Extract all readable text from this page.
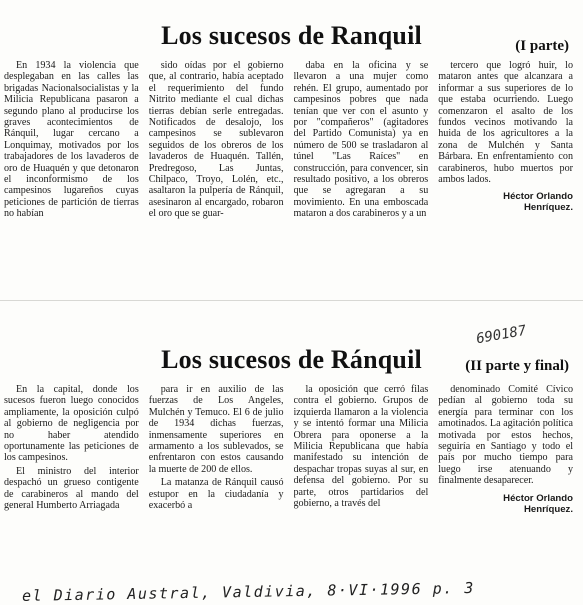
Los sucesos de Ranquil	(I parte)

En 1934 la violencia que desplegaban en las calles las brigadas Nacionalsocialistas y la Milicia Republicana pasaron a segundo plano al producirse los graves acontecimientos de Ránquil, lugar cercano a Lonquimay, motivados por los trabajadores de los lavaderos de oro de Huaquén y que detonaron el inconformismo de los campesinos lugareños cuyas peticiones de partición de tierras no habían

sido oídas por el gobierno que, al contrario, había aceptado el requerimiento del fundo Nitrito mediante el cual dichas tierras debían serle entregadas. Notificados de desalojo, los campesinos se sublevaron seguidos de los obreros de los lavaderos de Huaquén. Tallén, Predregoso, Las Juntas, Chilpaco, Troyo, Lolén, etc., asaltaron la pulpería de Ránquil, asesinaron al encargado, robaron el oro que se guar-

daba en la oficina y se llevaron a una mujer como rehén. El grupo, aumentado por campesinos pobres que nada tenían que ver con el asunto y por "compañeros" (agitadores del Partido Comunista) ya en número de 500 se trasladaron al túnel "Las Raíces" en construcción, para convencer, sin resultado positivo, a los obreros que se agregaran a su movimiento. En una emboscada mataron a dos carabineros y a un

tercero que logró huir, lo mataron antes que alcanzara a informar a sus superiores de lo que estaba ocurriendo. Luego comenzaron el asalto de los fundos vecinos motivando la huida de los agricultores a la zona de Mulchén y Santa Bárbara. En enfrentamiento con carabineros, hubo muertos por ambos lados.

Héctor Orlando
Henríquez.
Los sucesos de Ránquil	(II parte y final)

En la capital, donde los sucesos fueron luego conocidos ampliamente, la oposición culpó al gobierno de negligencia por no haber atendido oportunamente las peticiones de los campesinos.

El ministro del interior despachó un grueso contigente de carabineros al mando del general Humberto Arriagada

para ir en auxilio de las fuerzas de Los Angeles, Mulchén y Temuco. El 6 de julio de 1934 dichas fuerzas, inmensamente superiores en armamento a los sublevados, se enfrentaron con estos causando la muerte de 200 de ellos.

La matanza de Ránquil causó estupor en la ciudadanía y exacerbó a

la oposición que cerró filas contra el gobierno. Grupos de izquierda llamaron a la violencia y se intentó formar una Milicia Obrera para oponerse a la Milicia Republicana que había manifestado su intención de despachar tropas suyas al sur, en defensa del gobierno. Por su parte, otros partidarios del gobierno, a través del

denominado Comité Cívico pedían al gobierno toda su energía para terminar con los amotinados. La agitación política motivada por estos hechos, seguiría en Santiago y todo el país por mucho tiempo para luego irse atenuando y finalmente desaparecer.

Héctor Orlando
Henríquez.
690187
el Diario Austral, Valdivia, 8·VI·1996 p. 3
